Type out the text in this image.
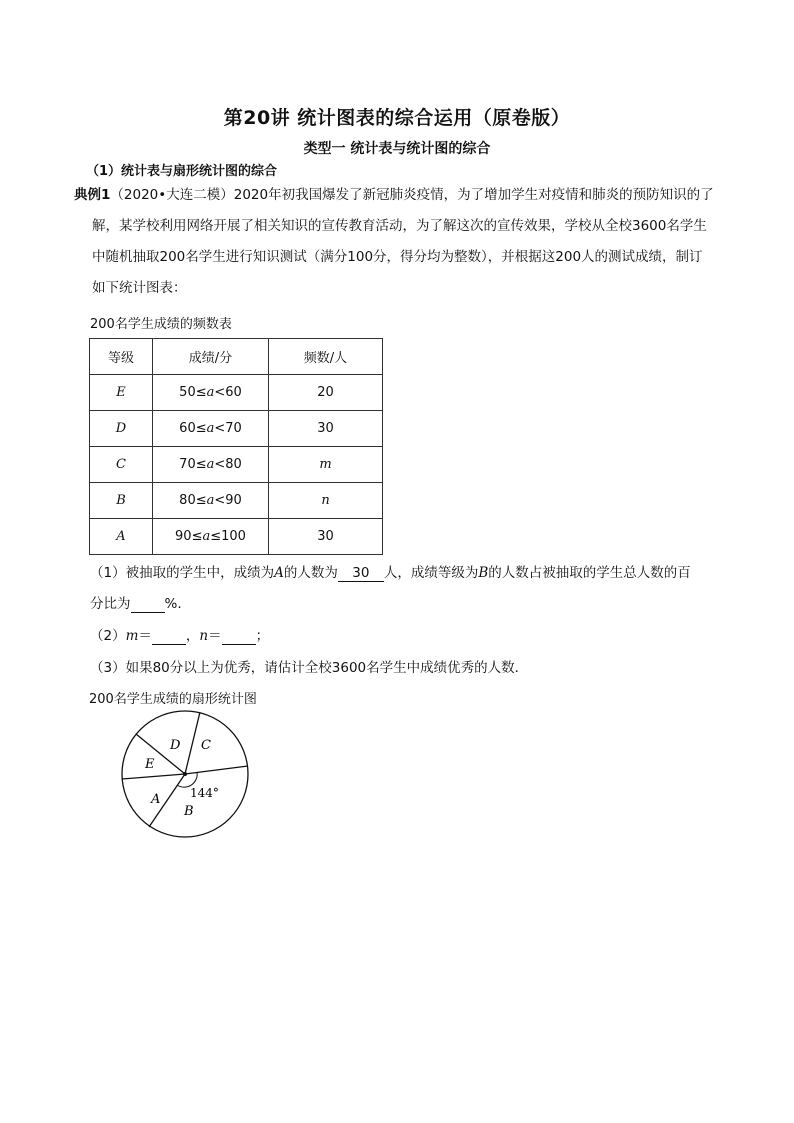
第20讲 统计图表的综合运用（原卷版）
类型一 统计表与统计图的综合
（1）统计表与扇形统计图的综合
典例1（2020•大连二模）2020年初我国爆发了新冠肺炎疫情，为了增加学生对疫情和肺炎的预防知识的了
解，某学校利用网络开展了相关知识的宣传教育活动，为了解这次的宣传效果，学校从全校3600名学生
中随机抽取200名学生进行知识测试（满分100分，得分均为整数），并根据这200人的测试成绩，制订
如下统计图表：
200名学生成绩的频数表
等级	成绩/分	频数/人
E	50≤a<60	20
D	60≤a<70	30
C	70≤a<80	m
B	80≤a<90	n
A	90≤a≤100	30
（1）被抽取的学生中，成绩为A的人数为 30 人，成绩等级为B的人数占被抽取的学生总人数的百
分比为	%.
（2）m＝	，n＝	；
（3）如果80分以上为优秀，请估计全校3600名学生中成绩优秀的人数．
200名学生成绩的扇形统计图
D C
E
A 144°
B
